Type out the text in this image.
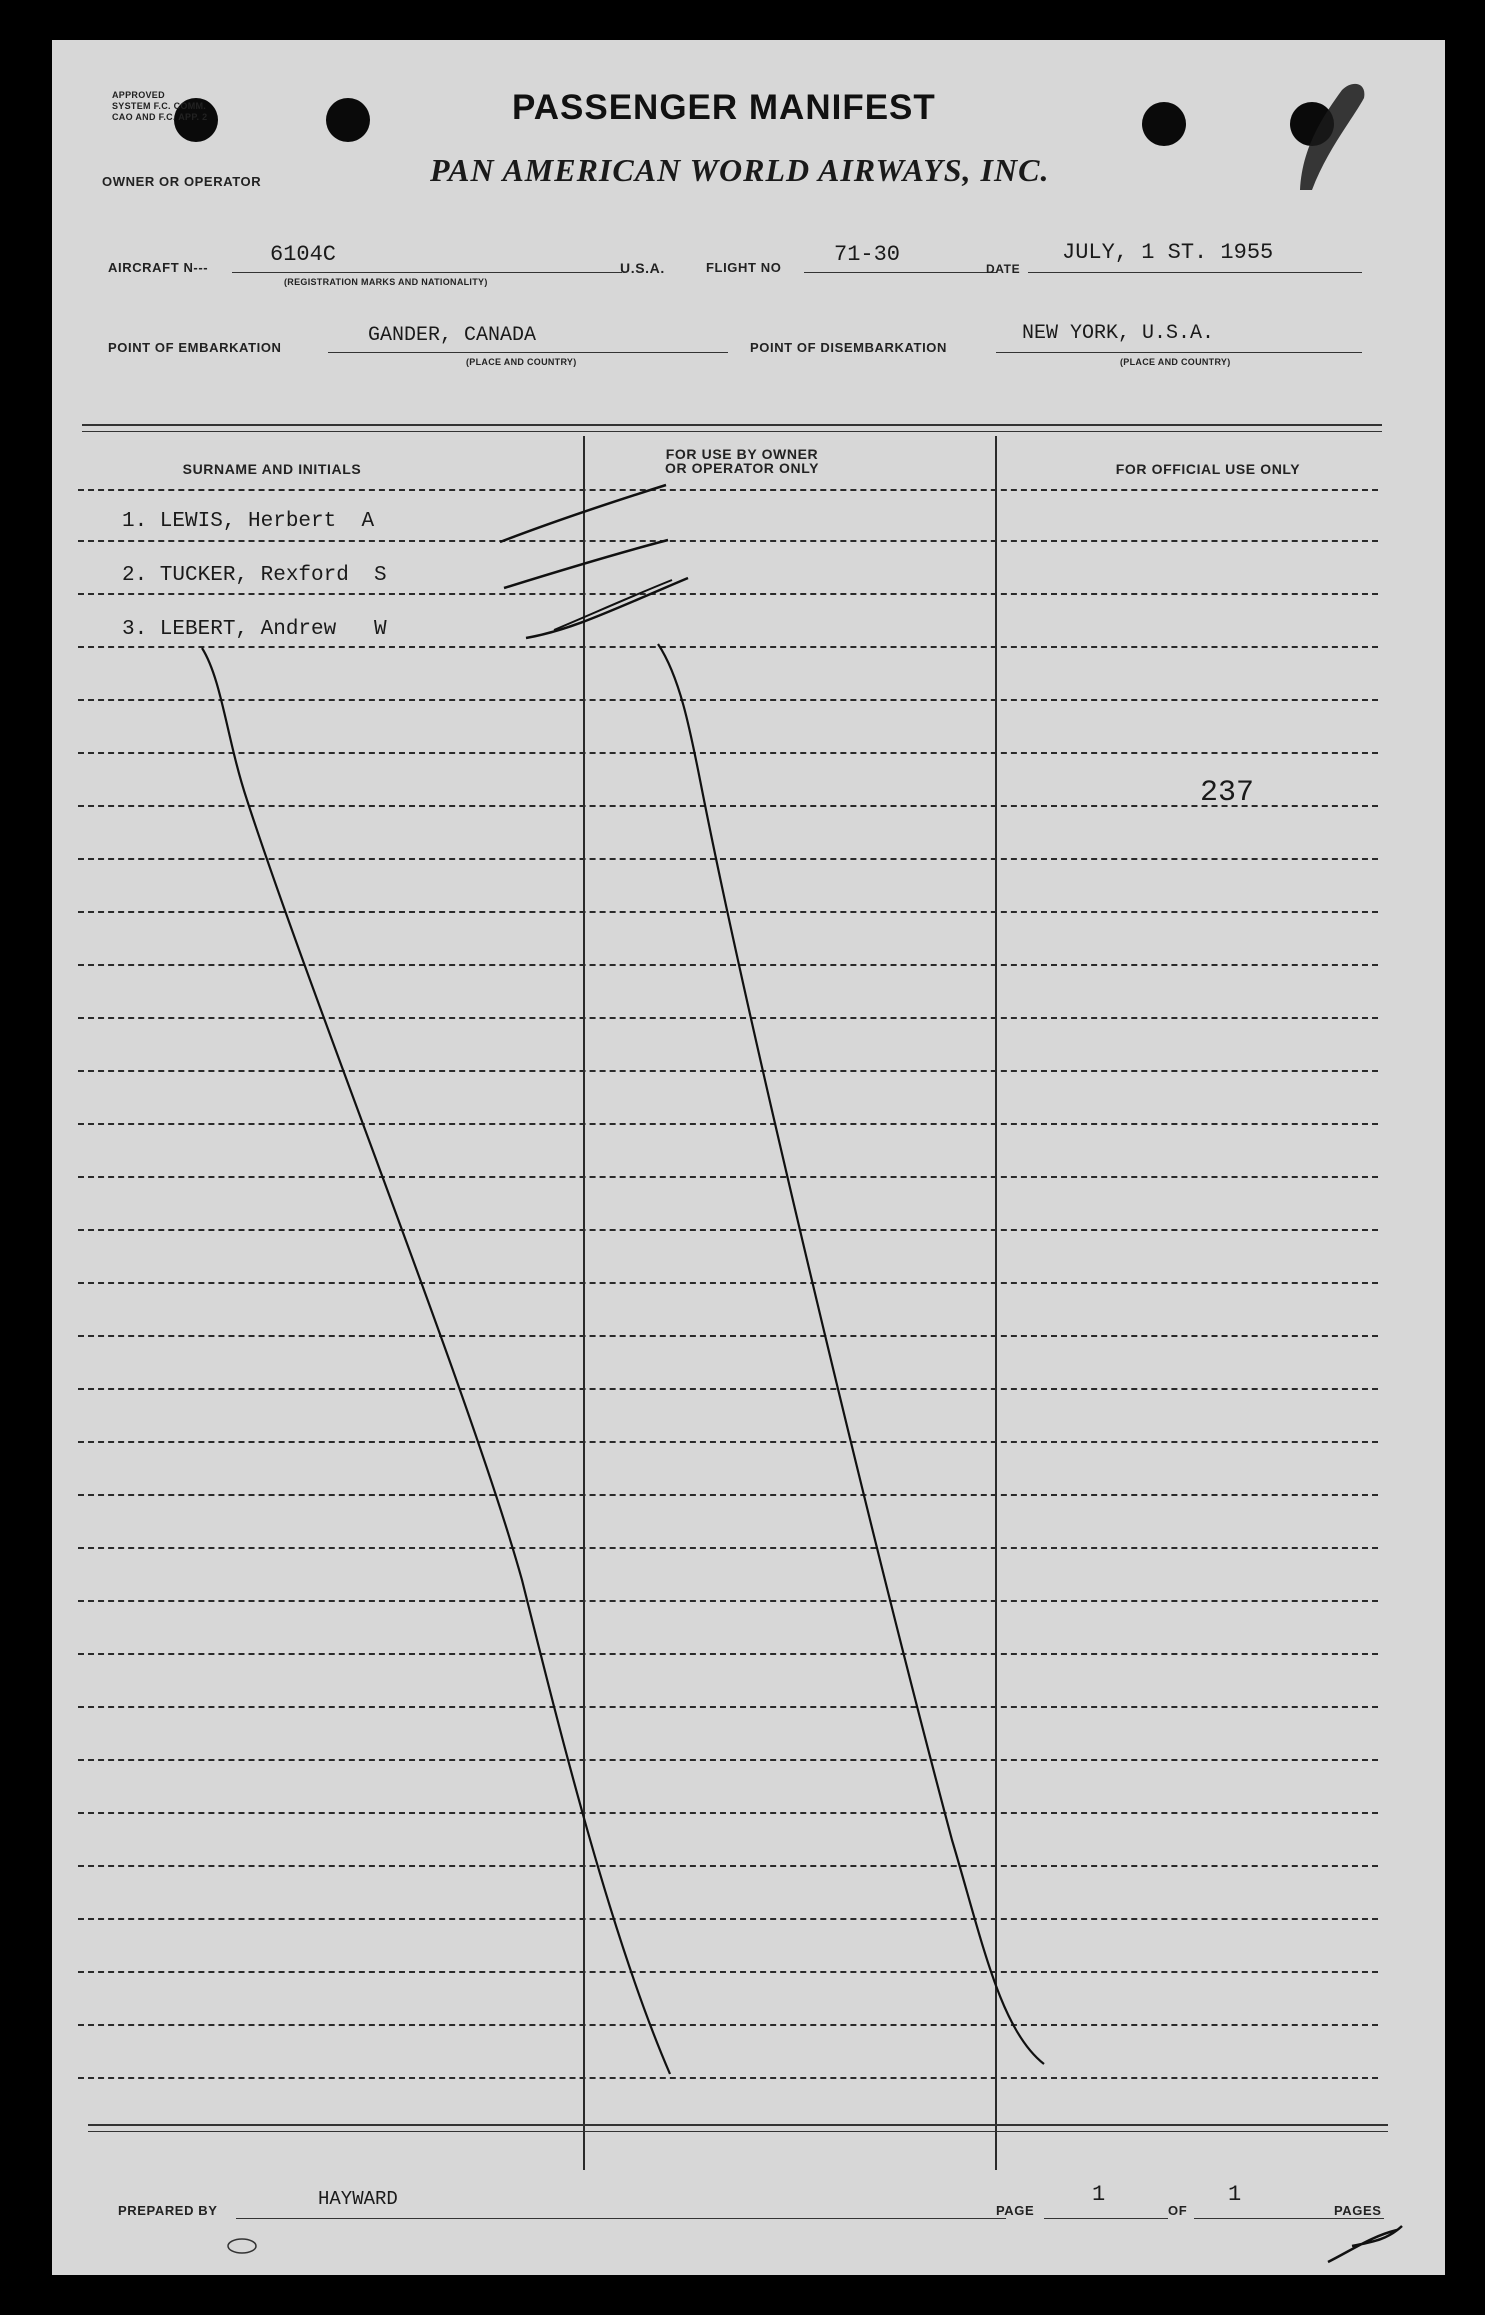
APPROVED
SYSTEM F.C. COMM.
CAO AND F.C. APP. 2	PASSENGER MANIFEST
OWNER OR OPERATOR	PAN AMERICAN WORLD AIRWAYS, INC.
AIRCRAFT N---
6104C
(REGISTRATION MARKS AND NATIONALITY)
U.S.A.	FLIGHT NO
71-30
DATE
JULY, 1 ST. 1955
POINT OF EMBARKATION
GANDER, CANADA
(PLACE AND COUNTRY)
POINT OF DISEMBARKATION
NEW YORK, U.S.A.
(PLACE AND COUNTRY)
SURNAME AND INITIALS
FOR USE BY OWNER
OR OPERATOR ONLY	FOR OFFICIAL USE ONLY
1. LEWIS, Herbert  A
2. TUCKER, Rexford  S
3. LEBERT, Andrew   W
237
PREPARED BY
HAYWARD
PAGE
1
OF
1
PAGES
